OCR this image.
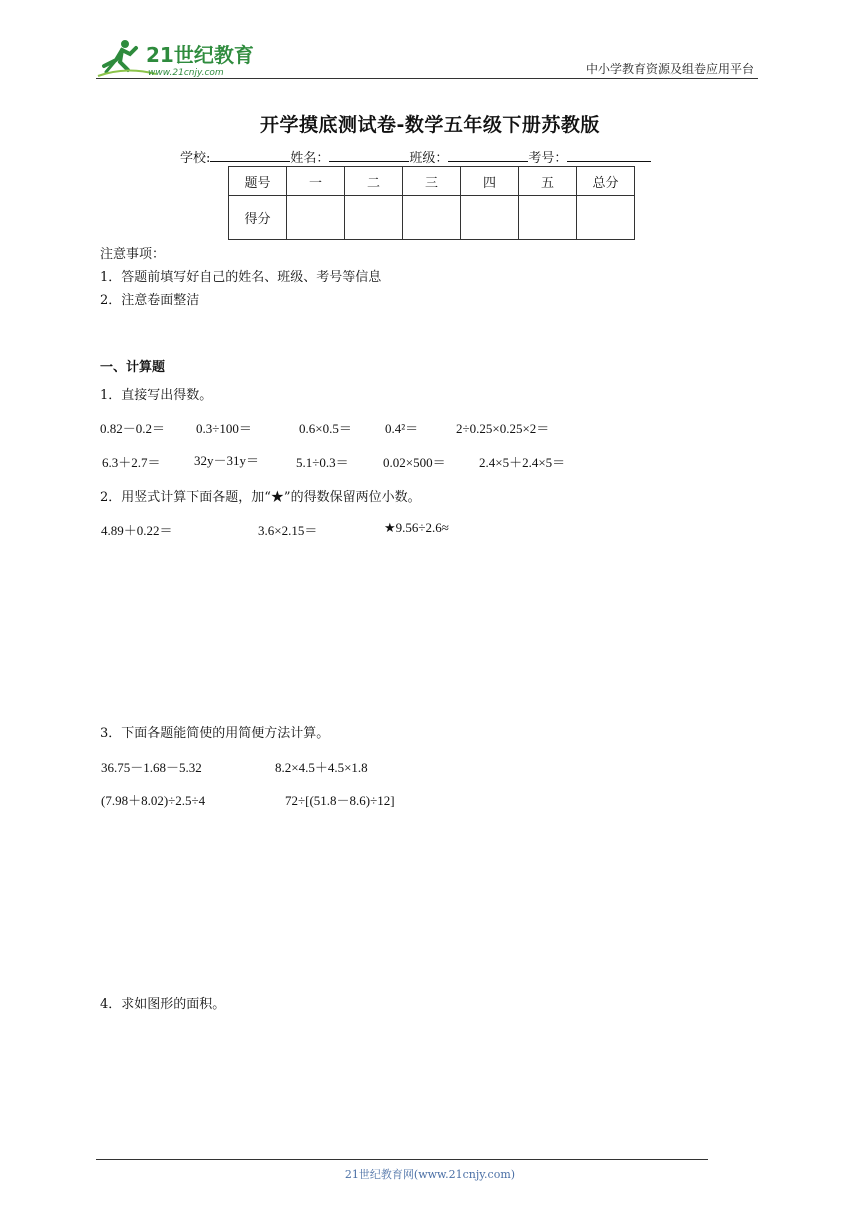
21世纪教育
www.21cnjy.com	中小学教育资源及组卷应用平台
开学摸底测试卷-数学五年级下册苏教版
学校:	姓名：	班级：	考号：
题号	一	二	三	四	五	总分
得分						
注意事项：
1．答题前填写好自己的姓名、班级、考号等信息
2．注意卷面整洁
一、计算题
1．直接写出得数。
0.82－0.2＝ 0.3÷100＝	0.6×0.5＝	0.4²＝	2÷0.25×0.25×2＝
6.3＋2.7＝	32y－31y＝	5.1÷0.3＝	0.02×500＝	2.4×5＋2.4×5＝
2．用竖式计算下面各题，加“★”的得数保留两位小数。
4.89＋0.22＝	3.6×2.15＝	★9.56÷2.6≈
3．下面各题能简使的用简便方法计算。
36.75－1.68－5.32	8.2×4.5＋4.5×1.8
(7.98＋8.02)÷2.5÷4	72÷[(51.8－8.6)÷12]
4．求如图形的面积。
21世纪教育网(www.21cnjy.com)
